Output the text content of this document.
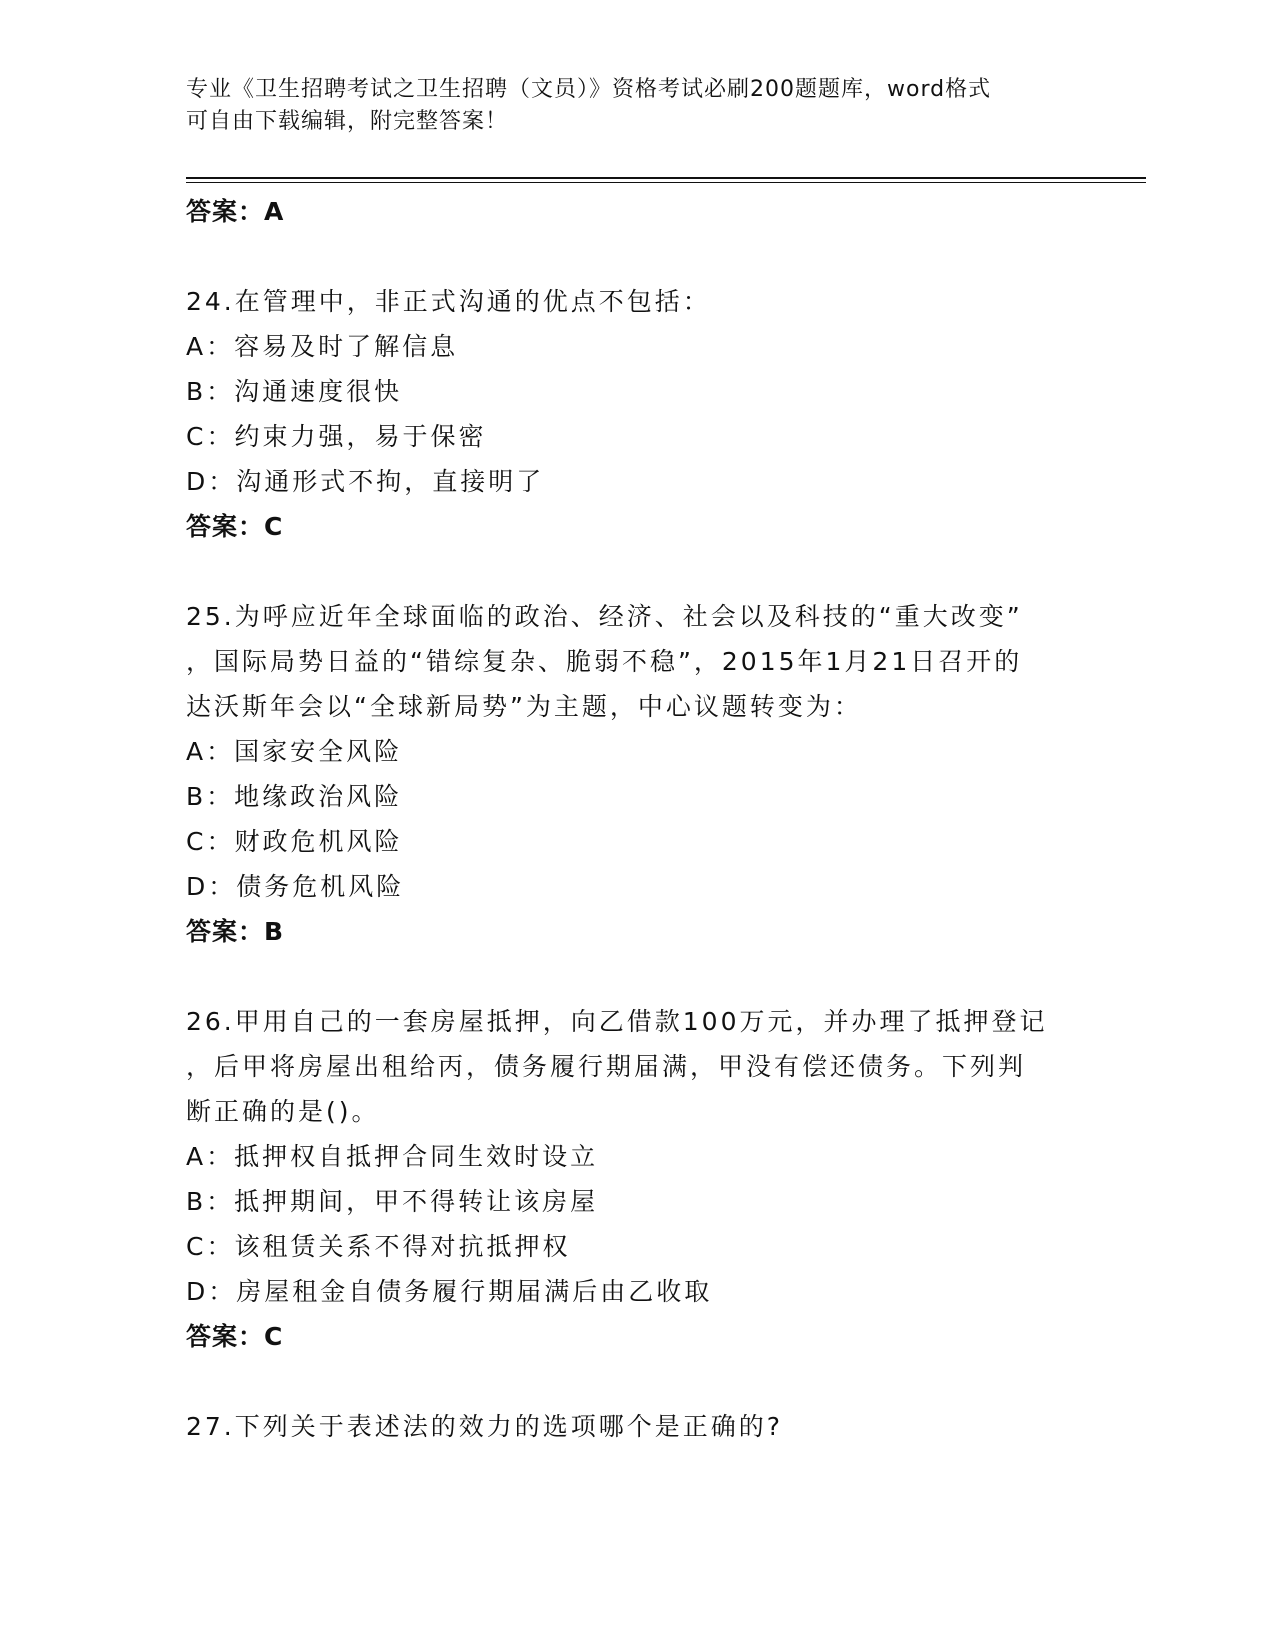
专业《卫生招聘考试之卫生招聘（文员）》资格考试必刷200题题库，word格式
可自由下载编辑，附完整答案！
答案：A
24.在管理中，非正式沟通的优点不包括：
A：容易及时了解信息
B：沟通速度很快
C：约束力强，易于保密
D：沟通形式不拘，直接明了
答案：C
25.为呼应近年全球面临的政治、经济、社会以及科技的“重大改变”
，国际局势日益的“错综复杂、脆弱不稳”，2015年1月21日召开的
达沃斯年会以“全球新局势”为主题，中心议题转变为：
A：国家安全风险
B：地缘政治风险
C：财政危机风险
D：债务危机风险
答案：B
26.甲用自己的一套房屋抵押，向乙借款100万元，并办理了抵押登记
，后甲将房屋出租给丙，债务履行期届满，甲没有偿还债务。下列判
断正确的是()。
A：抵押权自抵押合同生效时设立
B：抵押期间，甲不得转让该房屋
C：该租赁关系不得对抗抵押权
D：房屋租金自债务履行期届满后由乙收取
答案：C
27.下列关于表述法的效力的选项哪个是正确的?
